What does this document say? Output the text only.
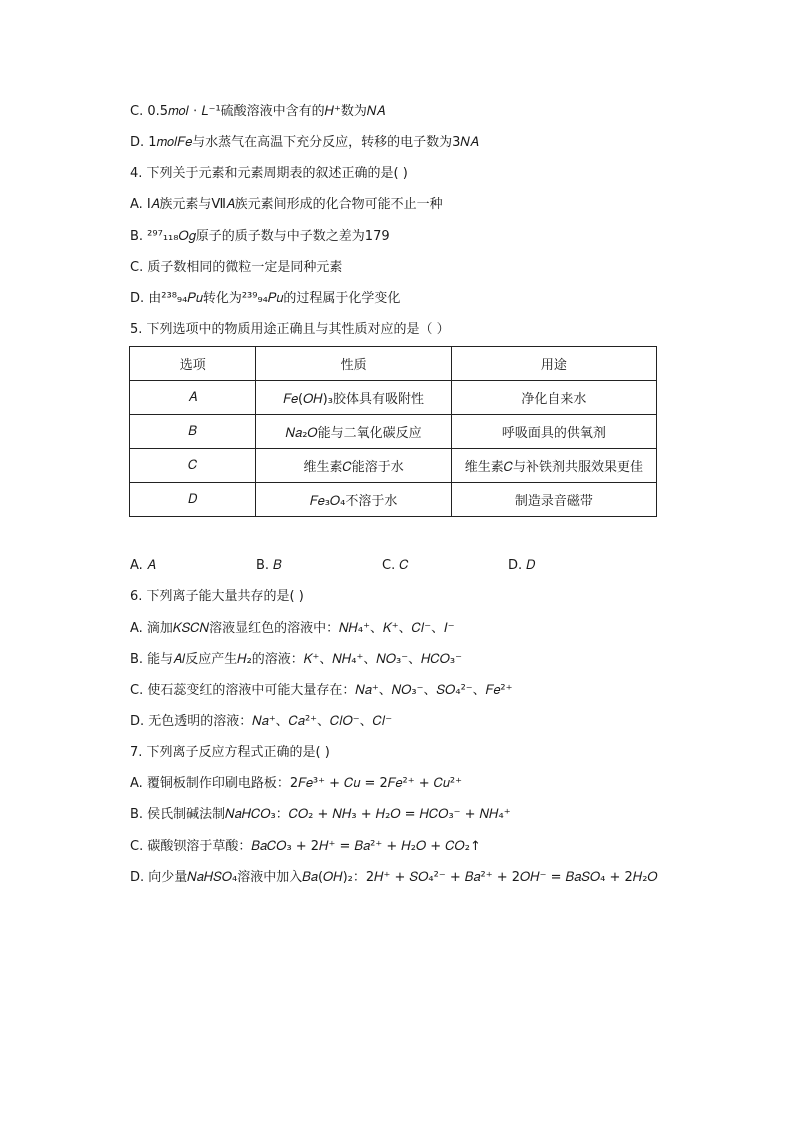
C. 0.5𝑚𝑜𝑙 ⋅ 𝐿⁻¹硫酸溶液中含有的𝐻⁺数为𝑁𝐴
D. 1𝑚𝑜𝑙𝐹𝑒与水蒸气在高温下充分反应，转移的电子数为3𝑁𝐴
4. 下列关于元素和元素周期表的叙述正确的是( )
A. Ⅰ𝐴族元素与Ⅶ𝐴族元素间形成的化合物可能不止一种
B. ²⁹⁷₁₁₈𝑂𝑔原子的质子数与中子数之差为179
C. 质子数相同的微粒一定是同种元素
D. 由²³⁸₉₄𝑃𝑢转化为²³⁹₉₄𝑃𝑢的过程属于化学变化
5. 下列选项中的物质用途正确且与其性质对应的是（ ）
选项	性质	用途
𝐴	𝐹𝑒(𝑂𝐻)₃胶体具有吸附性	净化自来水
𝐵	𝑁𝑎₂𝑂能与二氧化碳反应	呼吸面具的供氧剂
𝐶	维生素𝐶能溶于水	维生素𝐶与补铁剂共服效果更佳
𝐷	𝐹𝑒₃𝑂₄不溶于水	制造录音磁带
A. 𝐴	B. 𝐵	C. 𝐶	D. 𝐷
6. 下列离子能大量共存的是( )
A. 滴加𝐾𝑆𝐶𝑁溶液显红色的溶液中：𝑁𝐻₄⁺、𝐾⁺、𝐶𝑙⁻、𝐼⁻
B. 能与𝐴𝑙反应产生𝐻₂的溶液：𝐾⁺、𝑁𝐻₄⁺、𝑁𝑂₃⁻、𝐻𝐶𝑂₃⁻
C. 使石蕊变红的溶液中可能大量存在：𝑁𝑎⁺、𝑁𝑂₃⁻、𝑆𝑂₄²⁻、𝐹𝑒²⁺
D. 无色透明的溶液：𝑁𝑎⁺、𝐶𝑎²⁺、𝐶𝑙𝑂⁻、𝐶𝑙⁻
7. 下列离子反应方程式正确的是( )
A. 覆铜板制作印刷电路板：2𝐹𝑒³⁺ + 𝐶𝑢 = 2𝐹𝑒²⁺ + 𝐶𝑢²⁺
B. 侯氏制碱法制𝑁𝑎𝐻𝐶𝑂₃：𝐶𝑂₂ + 𝑁𝐻₃ + 𝐻₂𝑂 = 𝐻𝐶𝑂₃⁻ + 𝑁𝐻₄⁺
C. 碳酸钡溶于草酸：𝐵𝑎𝐶𝑂₃ + 2𝐻⁺ = 𝐵𝑎²⁺ + 𝐻₂𝑂 + 𝐶𝑂₂↑
D. 向少量𝑁𝑎𝐻𝑆𝑂₄溶液中加入𝐵𝑎(𝑂𝐻)₂：2𝐻⁺ + 𝑆𝑂₄²⁻ + 𝐵𝑎²⁺ + 2𝑂𝐻⁻ = 𝐵𝑎𝑆𝑂₄ + 2𝐻₂𝑂
